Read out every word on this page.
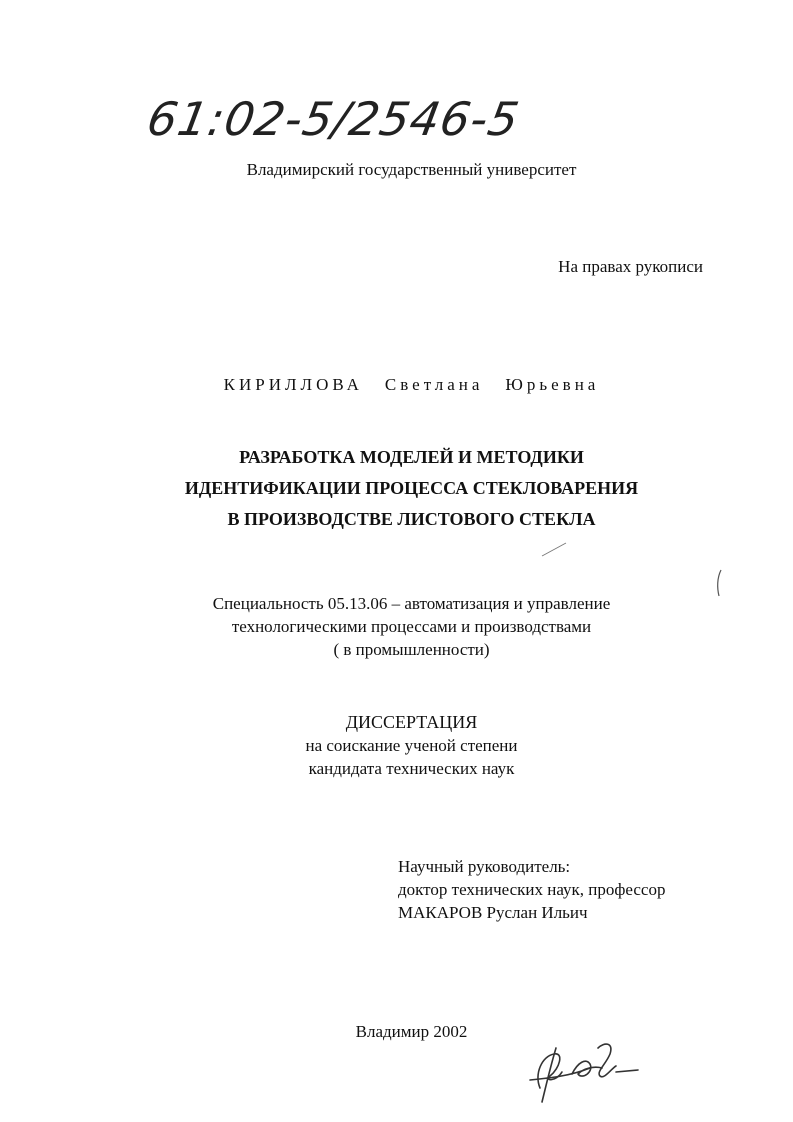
61:02-5/2546-5
Владимирский государственный университет
На правах рукописи
КИРИЛЛОВА Светлана Юрьевна
РАЗРАБОТКА МОДЕЛЕЙ И МЕТОДИКИ
ИДЕНТИФИКАЦИИ ПРОЦЕССА СТЕКЛОВАРЕНИЯ
В ПРОИЗВОДСТВЕ ЛИСТОВОГО СТЕКЛА
Специальность 05.13.06 – автоматизация и управление
технологическими процессами и производствами
( в промышленности)
ДИССЕРТАЦИЯ
на соискание ученой степени
кандидата технических наук
Научный руководитель:
доктор технических наук, профессор
МАКАРОВ Руслан Ильич
Владимир 2002
